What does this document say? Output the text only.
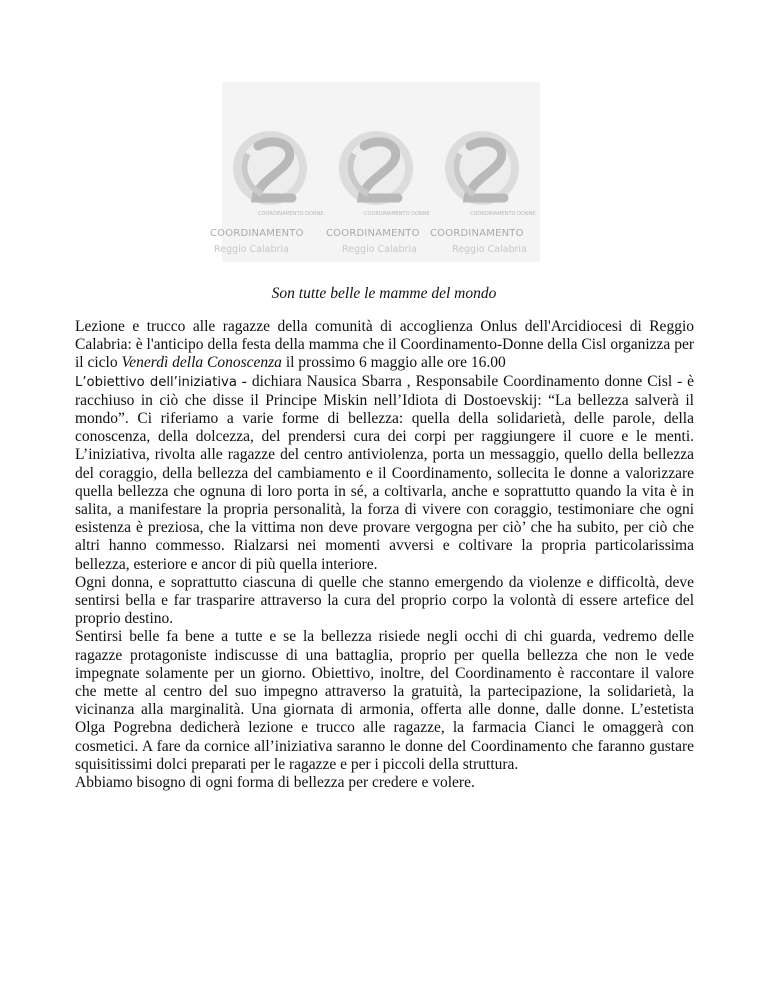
COORDINAMENTO DONNE
COORDINAMENTO
Reggio Calabria
COORDINAMENTO DONNE
COORDINAMENTO
Reggio Calabria
COORDINAMENTO DONNE
COORDINAMENTO
Reggio Calabria
Son tutte belle le mamme del mondo

Lezione e trucco alle ragazze della comunità di accoglienza Onlus dell'Arcidiocesi di Reggio Calabria: è l'anticipo della festa della mamma che il Coordinamento-Donne della Cisl organizza per il ciclo Venerdì della Conoscenza il prossimo 6 maggio alle ore 16.00

L’obiettivo dell’iniziativa - dichiara Nausica Sbarra , Responsabile Coordinamento donne Cisl - è racchiuso in ciò che disse il Principe Miskin nell’Idiota di Dostoevskij: “La bellezza salverà il mondo”. Ci riferiamo a varie forme di bellezza: quella della solidarietà, delle parole, della conoscenza, della dolcezza, del prendersi cura dei corpi per raggiungere il cuore e le menti. L’iniziativa, rivolta alle ragazze del centro antiviolenza, porta un messaggio, quello della bellezza del coraggio, della bellezza del cambiamento e il Coordinamento, sollecita le donne a valorizzare quella bellezza che ognuna di loro porta in sé, a coltivarla, anche e soprattutto quando la vita è in salita, a manifestare la propria personalità, la forza di vivere con coraggio, testimoniare che ogni esistenza è preziosa, che la vittima non deve provare vergogna per ciò’ che ha subito, per ciò che altri hanno commesso. Rialzarsi nei momenti avversi e coltivare la propria particolarissima bellezza, esteriore e ancor di più quella interiore.

Ogni donna, e soprattutto ciascuna di quelle che stanno emergendo da violenze e difficoltà, deve sentirsi bella e far trasparire attraverso la cura del proprio corpo la volontà di essere artefice del proprio destino.

Sentirsi belle fa bene a tutte e se la bellezza risiede negli occhi di chi guarda, vedremo delle ragazze protagoniste indiscusse di una battaglia, proprio per quella bellezza che non le vede impegnate solamente per un giorno. Obiettivo, inoltre, del Coordinamento è raccontare il valore che mette al centro del suo impegno attraverso la gratuità, la partecipazione, la solidarietà, la vicinanza alla marginalità. Una giornata di armonia, offerta alle donne, dalle donne. L’estetista Olga Pogrebna dedicherà lezione e trucco alle ragazze, la farmacia Cianci le omaggerà con cosmetici. A fare da cornice all’iniziativa saranno le donne del Coordinamento che faranno gustare squisitissimi dolci preparati per le ragazze e per i piccoli della struttura.

Abbiamo bisogno di ogni forma di bellezza per credere e volere.
